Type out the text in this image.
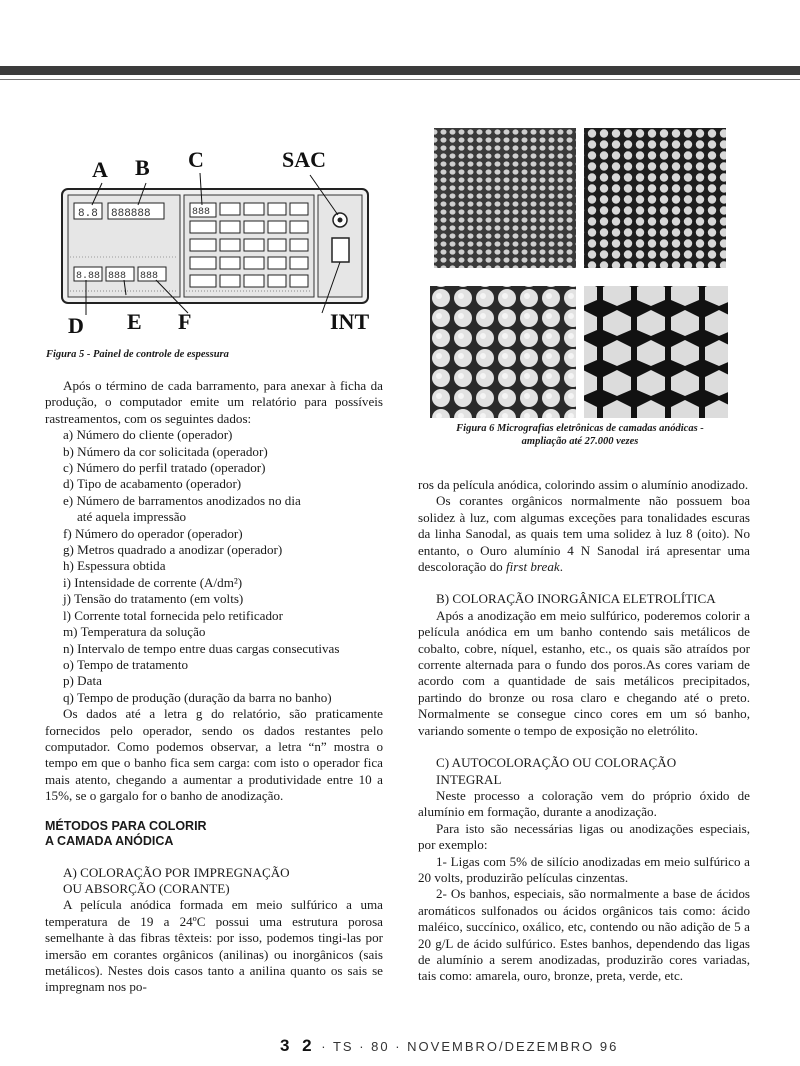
A B C	SAC
D E F	INT
8.8 888888
8.88 888 888
888
Figura 5 - Painel de controle de espessura

Após o término de cada barramento, para anexar à ficha da produção, o computador emite um relatório para possíveis rastreamentos, com os seguintes dados:

a) Número do cliente (operador)
b) Número da cor solicitada (operador)
c) Número do perfil tratado (operador)
d) Tipo de acabamento (operador)
e) Número de barramentos anodizados no dia
até aquela impressão
f) Número do operador (operador)
g) Metros quadrado a anodizar (operador)
h) Espessura obtida
i) Intensidade de corrente (A/dm²)
j) Tensão do tratamento (em volts)
l) Corrente total fornecida pelo retificador
m) Temperatura da solução
n) Intervalo de tempo entre duas cargas consecutivas
o) Tempo de tratamento
p) Data
q) Tempo de produção (duração da barra no banho)

Os dados até a letra g do relatório, são praticamente fornecidos pelo operador, sendo os dados restantes pelo computador. Como podemos observar, a letra “n” mostra o tempo em que o banho fica sem carga: com isto o operador fica mais atento, chegando a aumentar a produtividade entre 10 a 15%, se o gargalo for o banho de anodização.

MÉTODOS PARA COLORIR
A CAMADA ANÓDICA
A) COLORAÇÃO POR IMPREGNAÇÃO
OU ABSORÇÃO (CORANTE)

A película anódica formada em meio sulfúrico a uma temperatura de 19 a 24ºC possui uma estrutura porosa semelhante à das fibras têxteis: por isso, podemos tingi-las por imersão em corantes orgânicos (anilinas) ou inorgânicos (sais metálicos). Nestes dois casos tanto a anilina quanto os sais se impregnam nos po-

Figura 6 Micrografias eletrônicas de camadas anódicas -
ampliação até 27.000 vezes

ros da película anódica, colorindo assim o alumínio anodizado.

Os corantes orgânicos normalmente não possuem boa solidez à luz, com algumas exceções para tonalidades escuras da linha Sanodal, as quais tem uma solidez à luz 8 (oito). No entanto, o Ouro alumínio 4 N Sanodal irá apresentar uma descoloração do first break.

B) COLORAÇÃO INORGÂNICA ELETROLÍTICA

Após a anodização em meio sulfúrico, poderemos colorir a película anódica em um banho contendo sais metálicos de cobalto, cobre, níquel, estanho, etc., os quais são atraídos por corrente alternada para o fundo dos poros.As cores variam de acordo com a quantidade de sais metálicos precipitados, partindo do bronze ou rosa claro e chegando até o preto. Normalmente se consegue cinco cores em um só banho, variando somente o tempo de exposição no eletrólito.

C) AUTOCOLORAÇÃO OU COLORAÇÃO
INTEGRAL

Neste processo a coloração vem do próprio óxido de alumínio em formação, durante a anodização.

Para isto são necessárias ligas ou anodizações especiais, por exemplo:

1- Ligas com 5% de silício anodizadas em meio sulfúrico a 20 volts, produzirão películas cinzentas.

2- Os banhos, especiais, são normalmente a base de ácidos aromáticos sulfonados ou ácidos orgânicos tais como: ácido maléico, succínico, oxálico, etc, contendo ou não adição de 5 a 20 g/L de ácido sulfúrico. Estes banhos, dependendo das ligas de alumínio a serem anodizadas, produzirão cores variadas, tais como: amarela, ouro, bronze, preta, verde, etc.

3 2 · TS · 80 · NOVEMBRO/DEZEMBRO 96
